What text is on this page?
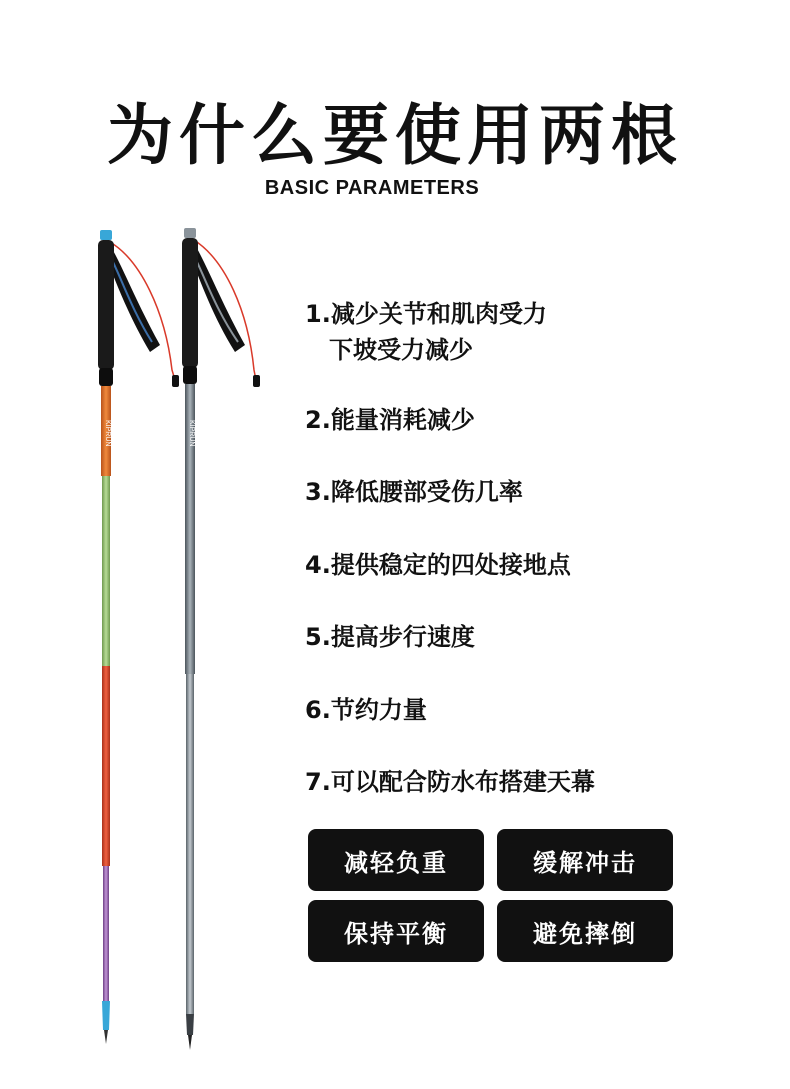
为什么要使用两根
BASIC PARAMETERS
KIPRUN	KIPRUN
1.减少关节和肌肉受力
下坡受力减少
2.能量消耗减少
3.降低腰部受伤几率
4.提供稳定的四处接地点
5.提高步行速度
6.节约力量
7.可以配合防水布搭建天幕
减轻负重	缓解冲击
保持平衡	避免摔倒
